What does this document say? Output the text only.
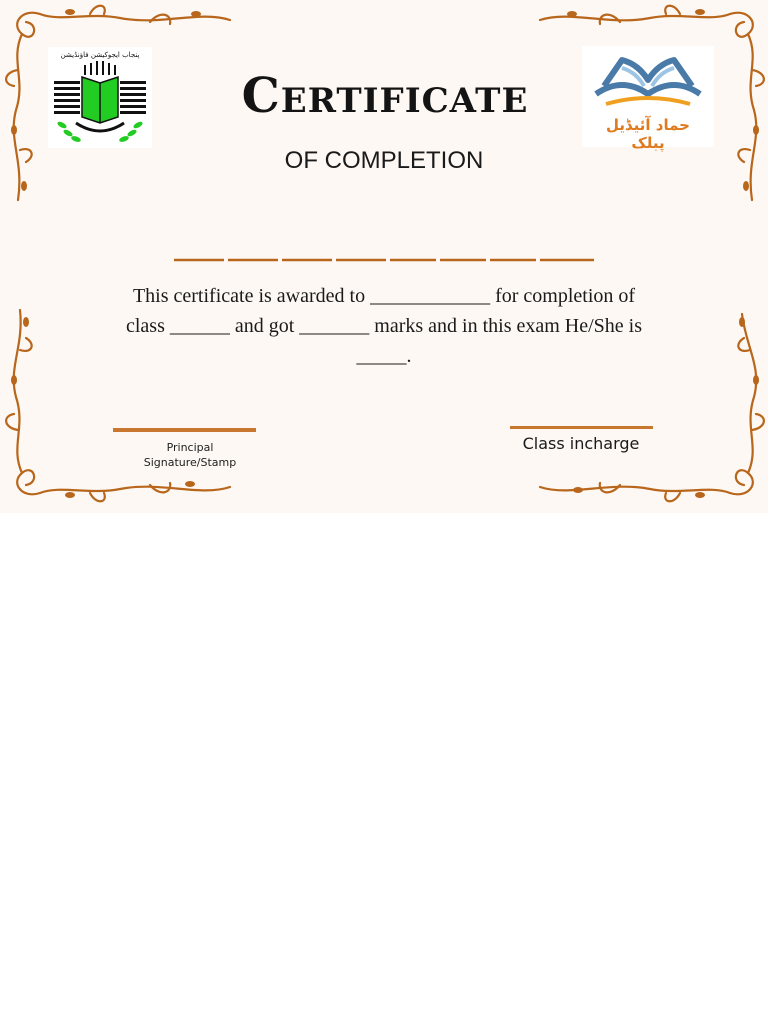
پنجاب ایجوکیشن فاؤنڈیشن
Certificate
OF COMPLETION
حماد آئیڈیل پبلک
This certificate is awarded to ____________ for completion of
class ______ and got _______ marks and in this exam He/She is
_____.
Principal
Signature/Stamp
Class incharge
